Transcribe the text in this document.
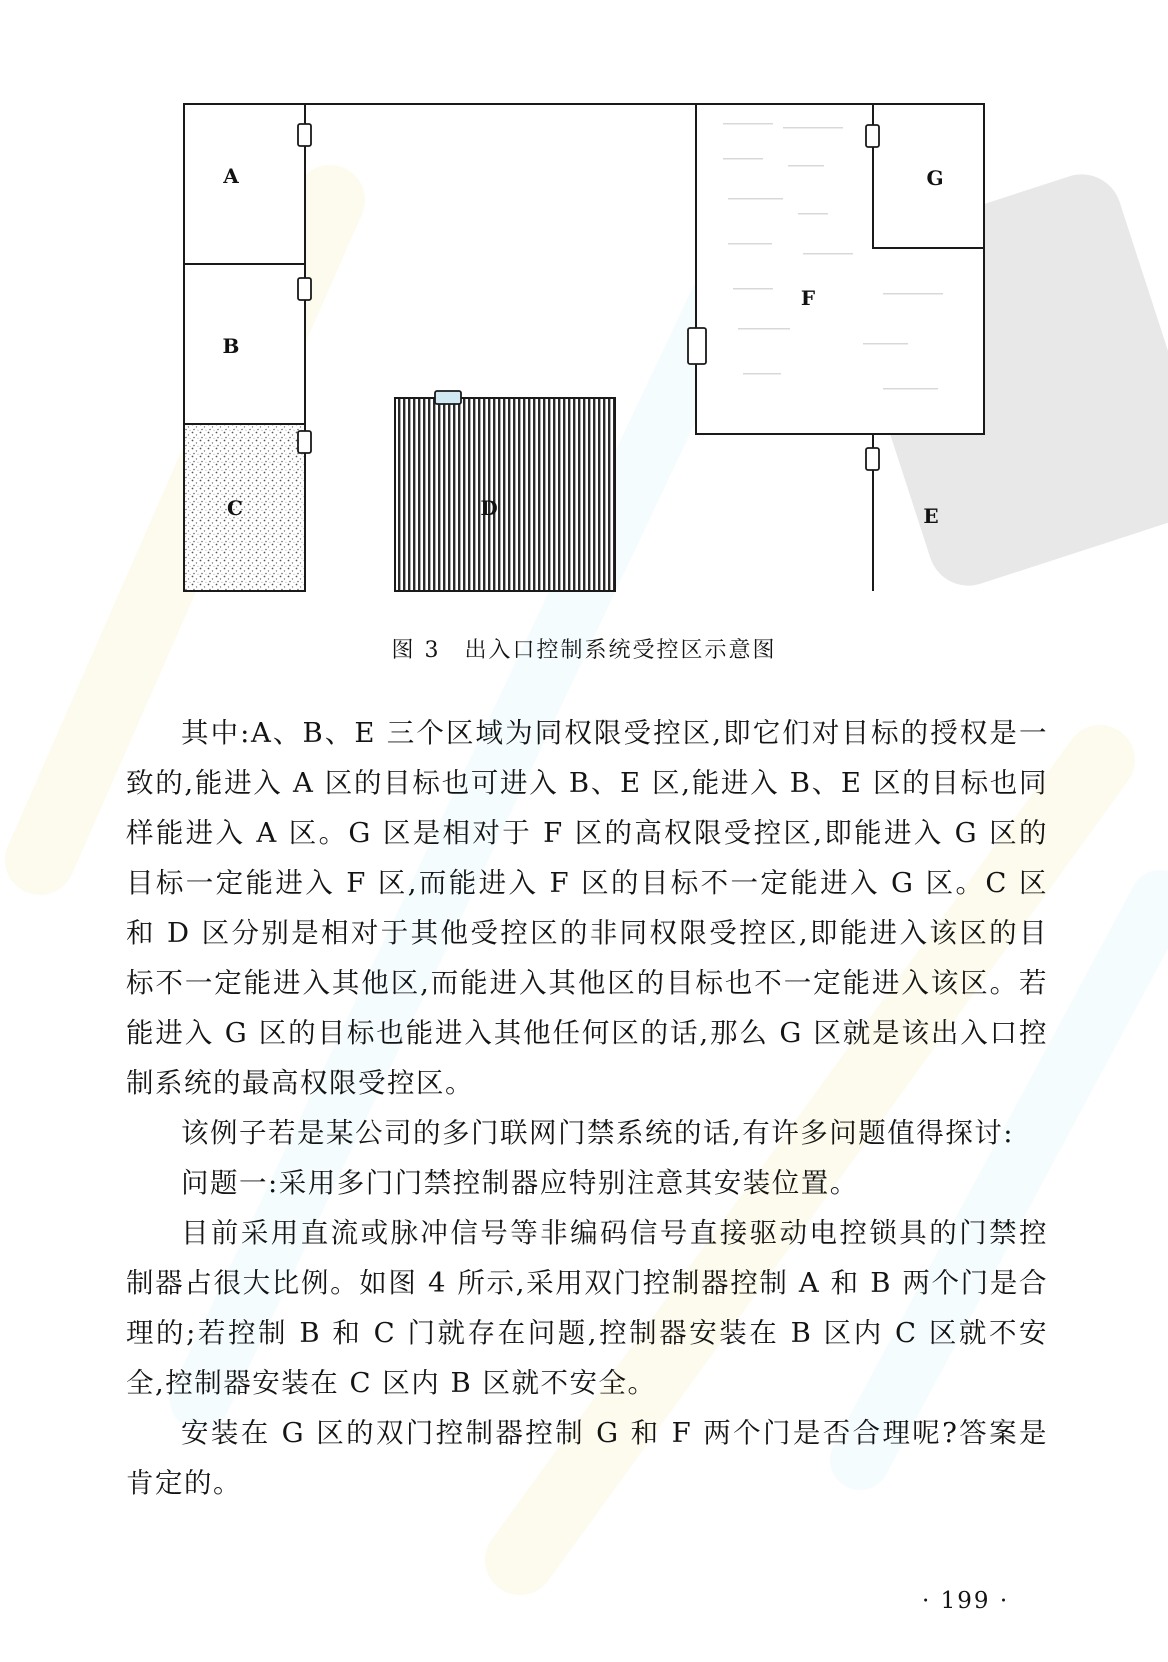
A
B
C	D	E
F
G
图 3　出入口控制系统受控区示意图

其中:A、B、E 三个区域为同权限受控区,即它们对目标的授权是一致的,能进入 A 区的目标也可进入 B、E 区,能进入 B、E 区的目标也同样能进入 A 区。G 区是相对于 F 区的高权限受控区,即能进入 G 区的目标一定能进入 F 区,而能进入 F 区的目标不一定能进入 G 区。C 区和 D 区分别是相对于其他受控区的非同权限受控区,即能进入该区的目标不一定能进入其他区,而能进入其他区的目标也不一定能进入该区。若能进入 G 区的目标也能进入其他任何区的话,那么 G 区就是该出入口控制系统的最高权限受控区。

该例子若是某公司的多门联网门禁系统的话,有许多问题值得探讨:

问题一:采用多门门禁控制器应特别注意其安装位置。

目前采用直流或脉冲信号等非编码信号直接驱动电控锁具的门禁控制器占很大比例。如图 4 所示,采用双门控制器控制 A 和 B 两个门是合理的;若控制 B 和 C 门就存在问题,控制器安装在 B 区内 C 区就不安全,控制器安装在 C 区内 B 区就不安全。

安装在 G 区的双门控制器控制 G 和 F 两个门是否合理呢?答案是肯定的。

· 199 ·
